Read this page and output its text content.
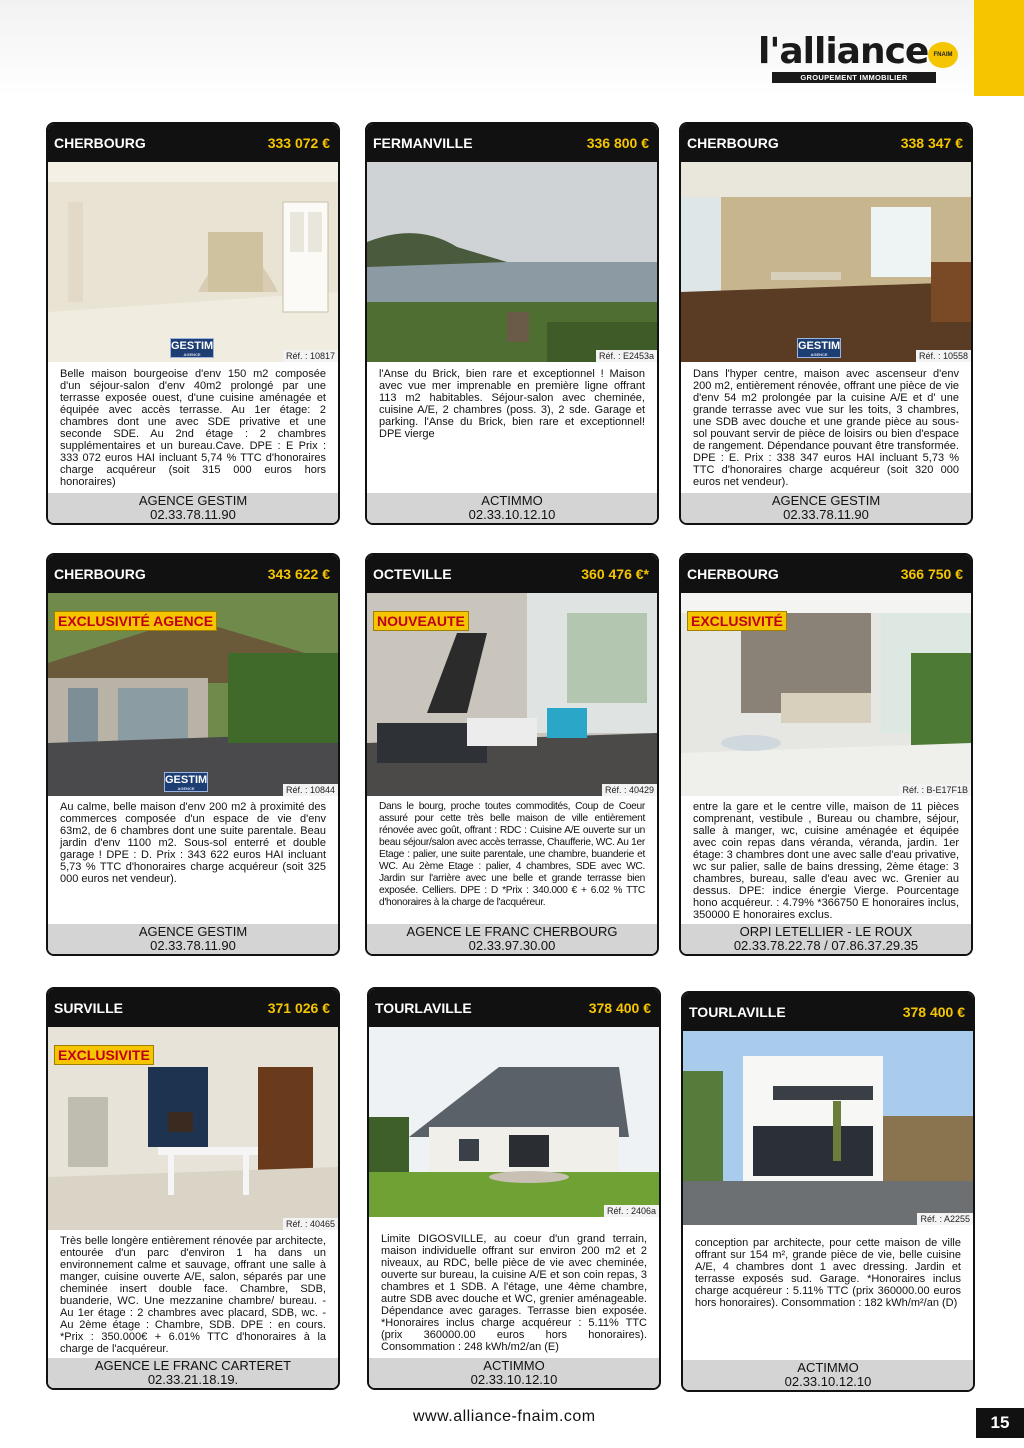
l'alliance FNAIM
GROUPEMENT IMMOBILIER
CHERBOURG	333 072 €
GESTIM
AGENCE	Réf. : 10817
Belle maison bourgeoise d'env 150 m2 composée d'un séjour-salon d'env 40m2 prolongé par une terrasse exposée ouest, d'une cuisine aménagée et équipée avec accès terrasse. Au 1er étage: 2 chambres dont une avec SDE privative et une seconde SDE. Au 2nd étage : 2 chambres supplémentaires et un bureau.Cave. DPE : E Prix : 333 072 euros HAI incluant 5,74 % TTC d'honoraires charge acquéreur (soit 315 000 euros hors honoraires)
AGENCE GESTIM
02.33.78.11.90
FERMANVILLE	336 800 €
Réf. : E2453a
l'Anse du Brick, bien rare et exceptionnel ! Maison avec vue mer imprenable en première ligne offrant 113 m2 habitables. Séjour-salon avec cheminée, cuisine A/E, 2 chambres (poss. 3), 2 sde. Garage et parking. l'Anse du Brick, bien rare et exceptionnel! DPE vierge
ACTIMMO
02.33.10.12.10
CHERBOURG	338 347 €
GESTIM
AGENCE	Réf. : 10558
Dans l'hyper centre, maison avec ascenseur d'env 200 m2, entièrement rénovée, offrant une pièce de vie d'env 54 m2 prolongée par la cuisine A/E et d' une grande terrasse avec vue sur les toits, 3 chambres, une SDB avec douche et une grande pièce au sous-sol pouvant servir de pièce de loisirs ou bien d'espace de rangement. Dépendance pouvant être transformée. DPE : E. Prix : 338 347 euros HAI incluant 5,73 % TTC d'honoraires charge acquéreur (soit 320 000 euros net vendeur).
AGENCE GESTIM
02.33.78.11.90
CHERBOURG	343 622 €
EXCLUSIVITÉ AGENCE
GESTIM
AGENCE	Réf. : 10844
Au calme, belle maison d'env 200 m2 à proximité des commerces composée d'un espace de vie d'env 63m2, de 6 chambres dont une suite parentale. Beau jardin d'env 1100 m2. Sous-sol enterré et double garage ! DPE : D. Prix : 343 622 euros HAI incluant 5,73 % TTC d'honoraires charge acquéreur (soit 325 000 euros net vendeur).
AGENCE GESTIM
02.33.78.11.90
OCTEVILLE	360 476 €*
NOUVEAUTE
Réf. : 40429
Dans le bourg, proche toutes commodités, Coup de Coeur assuré pour cette très belle maison de ville entièrement rénovée avec goût, offrant : RDC : Cuisine A/E ouverte sur un beau séjour/salon avec accès terrasse, Chaufferie, WC. Au 1er Etage : palier, une suite parentale, une chambre, buanderie et WC. Au 2ème Etage : palier, 4 chambres, SDE avec WC. Jardin sur l'arrière avec une belle et grande terrasse bien exposée. Celliers. DPE : D *Prix : 340.000 € + 6.02 % TTC d'honoraires à la charge de l'acquéreur.
AGENCE LE FRANC CHERBOURG
02.33.97.30.00
CHERBOURG	366 750 €
EXCLUSIVITÉ
Réf. : B-E17F1B
entre la gare et le centre ville, maison de 11 pièces comprenant, vestibule , Bureau ou chambre, séjour, salle à manger, wc, cuisine aménagée et équipée avec coin repas dans véranda, véranda, jardin. 1er étage: 3 chambres dont une avec salle d'eau privative, wc sur palier, salle de bains dressing, 2ème étage: 3 chambres, bureau, salle d'eau avec wc. Grenier au dessus. DPE: indice énergie Vierge. Pourcentage hono acquéreur. : 4.79% *366750 E honoraires inclus, 350000 E honoraires exclus.
ORPI LETELLIER - LE ROUX
02.33.78.22.78 / 07.86.37.29.35
SURVILLE	371 026 €
EXCLUSIVITE
Réf. : 40465
Très belle longère entièrement rénovée par architecte, entourée d'un parc d'environ 1 ha dans un environnement calme et sauvage, offrant une salle à manger, cuisine ouverte A/E, salon, séparés par une cheminée insert double face. Chambre, SDB, buanderie, WC. Une mezzanine chambre/ bureau. - Au 1er étage : 2 chambres avec placard, SDB, wc. - Au 2ème étage : Chambre, SDB. DPE : en cours. *Prix : 350.000€ + 6.01% TTC d'honoraires à la charge de l'acquéreur.
AGENCE LE FRANC CARTERET
02.33.21.18.19.
TOURLAVILLE	378 400 €
Réf. : 2406a
Limite DIGOSVILLE, au coeur d'un grand terrain, maison individuelle offrant sur environ 200 m2 et 2 niveaux, au RDC, belle pièce de vie avec cheminée, ouverte sur bureau, la cuisine A/E et son coin repas, 3 chambres et 1 SDB. A l'étage, une 4ème chambre, autre SDB avec douche et WC, grenier aménageable. Dépendance avec garages. Terrasse bien exposée. *Honoraires inclus charge acquéreur : 5.11% TTC (prix 360000.00 euros hors honoraires). Consommation : 248 kWh/m2/an (E)
ACTIMMO
02.33.10.12.10
TOURLAVILLE	378 400 €
Réf. : A2255
conception par architecte, pour cette maison de ville offrant sur 154 m², grande pièce de vie, belle cuisine A/E, 4 chambres dont 1 avec dressing. Jardin et terrasse exposés sud. Garage. *Honoraires inclus charge acquéreur : 5.11% TTC (prix 360000.00 euros hors honoraires). Consommation : 182 kWh/m²/an (D)
ACTIMMO
02.33.10.12.10
www.alliance-fnaim.com	15
